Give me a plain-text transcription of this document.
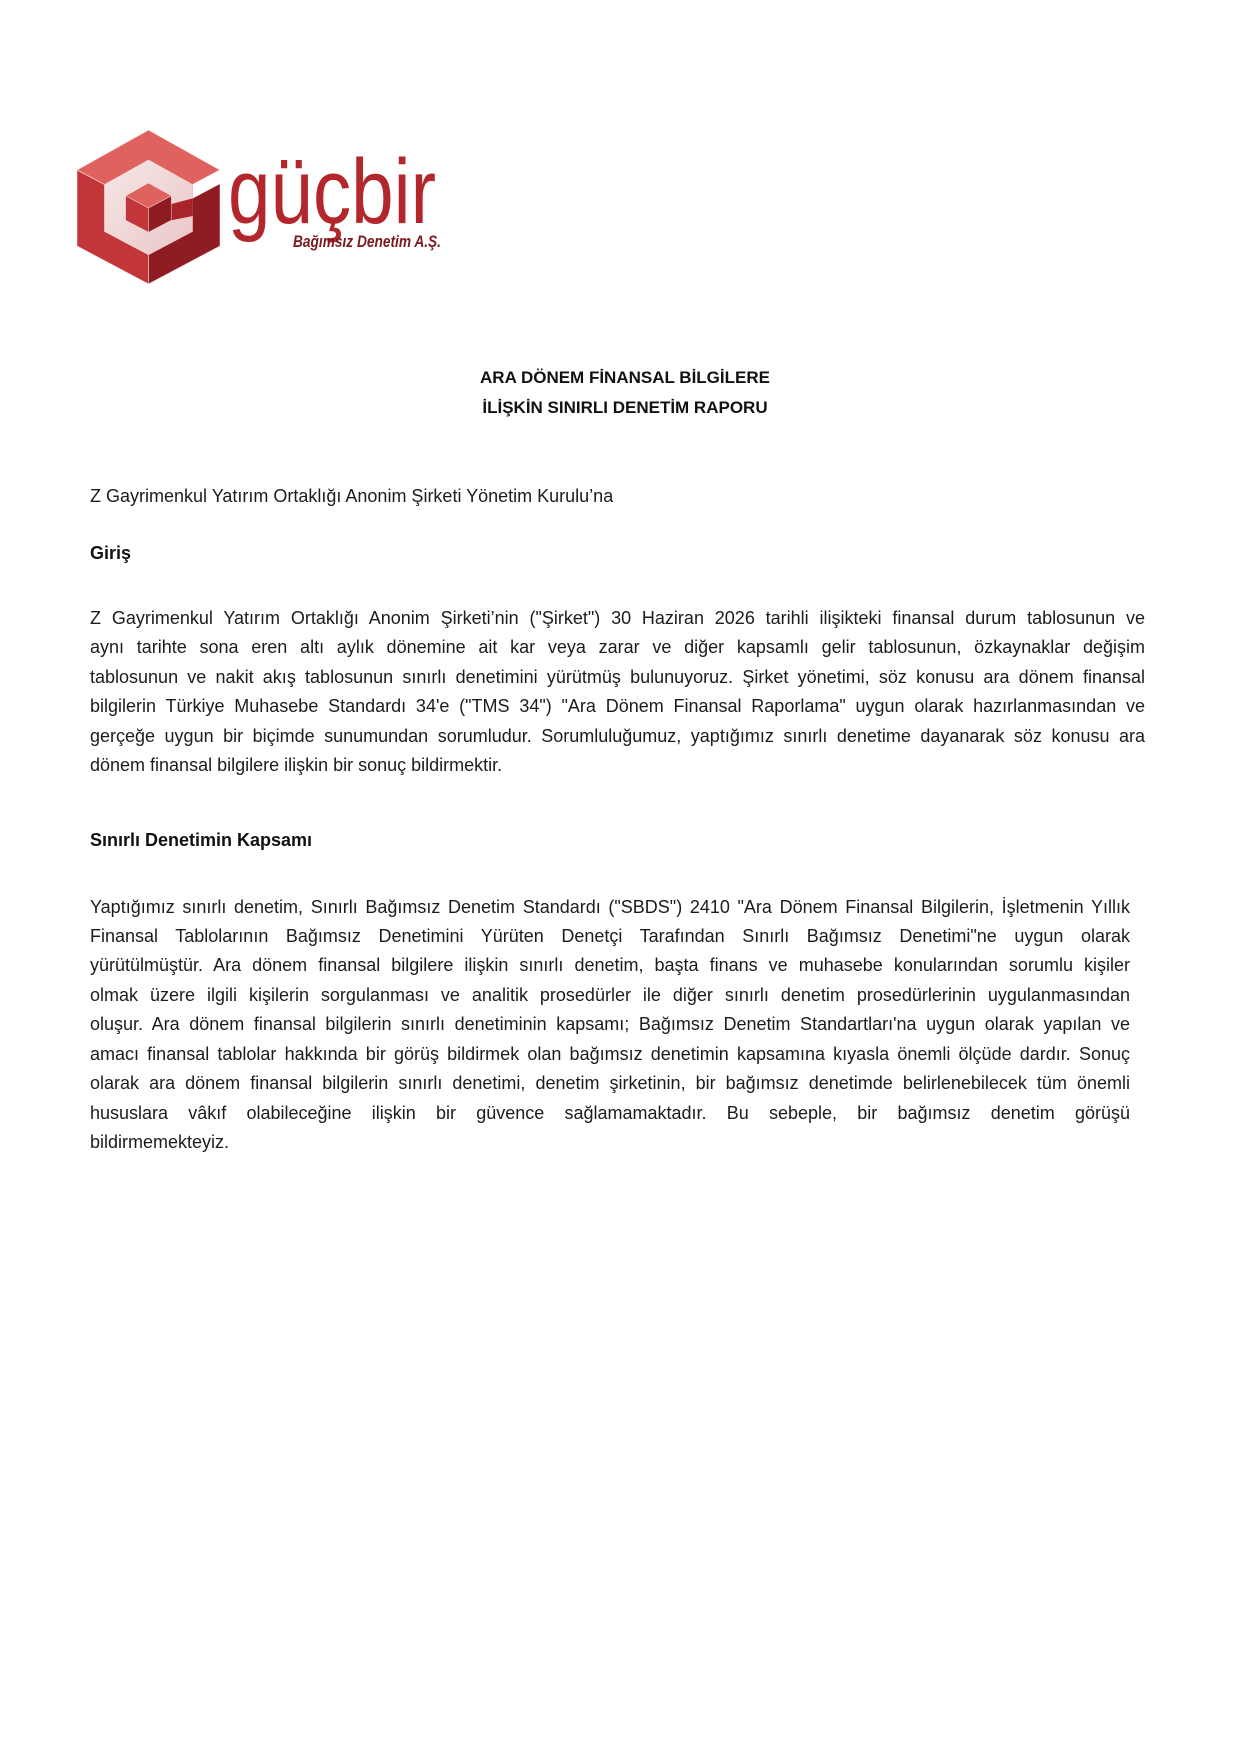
güçbir
Bağımsız Denetim A.Ş.
ARA DÖNEM FİNANSAL BİLGİLERE
İLİŞKİN SINIRLI DENETİM RAPORU
Z Gayrimenkul Yatırım Ortaklığı Anonim Şirketi Yönetim Kurulu’na
Giriş
Z Gayrimenkul Yatırım Ortaklığı Anonim Şirketi’nin ("Şirket") 30 Haziran 2026 tarihli ilişikteki finansal durum tablosunun ve
aynı tarihte sona eren altı aylık dönemine ait kar veya zarar ve diğer kapsamlı gelir tablosunun, özkaynaklar değişim
tablosunun ve nakit akış tablosunun sınırlı denetimini yürütmüş bulunuyoruz. Şirket yönetimi, söz konusu ara dönem finansal
bilgilerin Türkiye Muhasebe Standardı 34'e ("TMS 34") "Ara Dönem Finansal Raporlama" uygun olarak hazırlanmasından ve
gerçeğe uygun bir biçimde sunumundan sorumludur. Sorumluluğumuz, yaptığımız sınırlı denetime dayanarak söz konusu ara
dönem finansal bilgilere ilişkin bir sonuç bildirmektir.
Sınırlı Denetimin Kapsamı
Yaptığımız sınırlı denetim, Sınırlı Bağımsız Denetim Standardı ("SBDS") 2410 "Ara Dönem Finansal Bilgilerin, İşletmenin Yıllık
Finansal Tablolarının Bağımsız Denetimini Yürüten Denetçi Tarafından Sınırlı Bağımsız Denetimi"ne uygun olarak
yürütülmüştür. Ara dönem finansal bilgilere ilişkin sınırlı denetim, başta finans ve muhasebe konularından sorumlu kişiler
olmak üzere ilgili kişilerin sorgulanması ve analitik prosedürler ile diğer sınırlı denetim prosedürlerinin uygulanmasından
oluşur. Ara dönem finansal bilgilerin sınırlı denetiminin kapsamı; Bağımsız Denetim Standartları'na uygun olarak yapılan ve
amacı finansal tablolar hakkında bir görüş bildirmek olan bağımsız denetimin kapsamına kıyasla önemli ölçüde dardır. Sonuç
olarak ara dönem finansal bilgilerin sınırlı denetimi, denetim şirketinin, bir bağımsız denetimde belirlenebilecek tüm önemli
hususlara vâkıf olabileceğine ilişkin bir güvence sağlamamaktadır. Bu sebeple, bir bağımsız denetim görüşü
bildirmemekteyiz.
